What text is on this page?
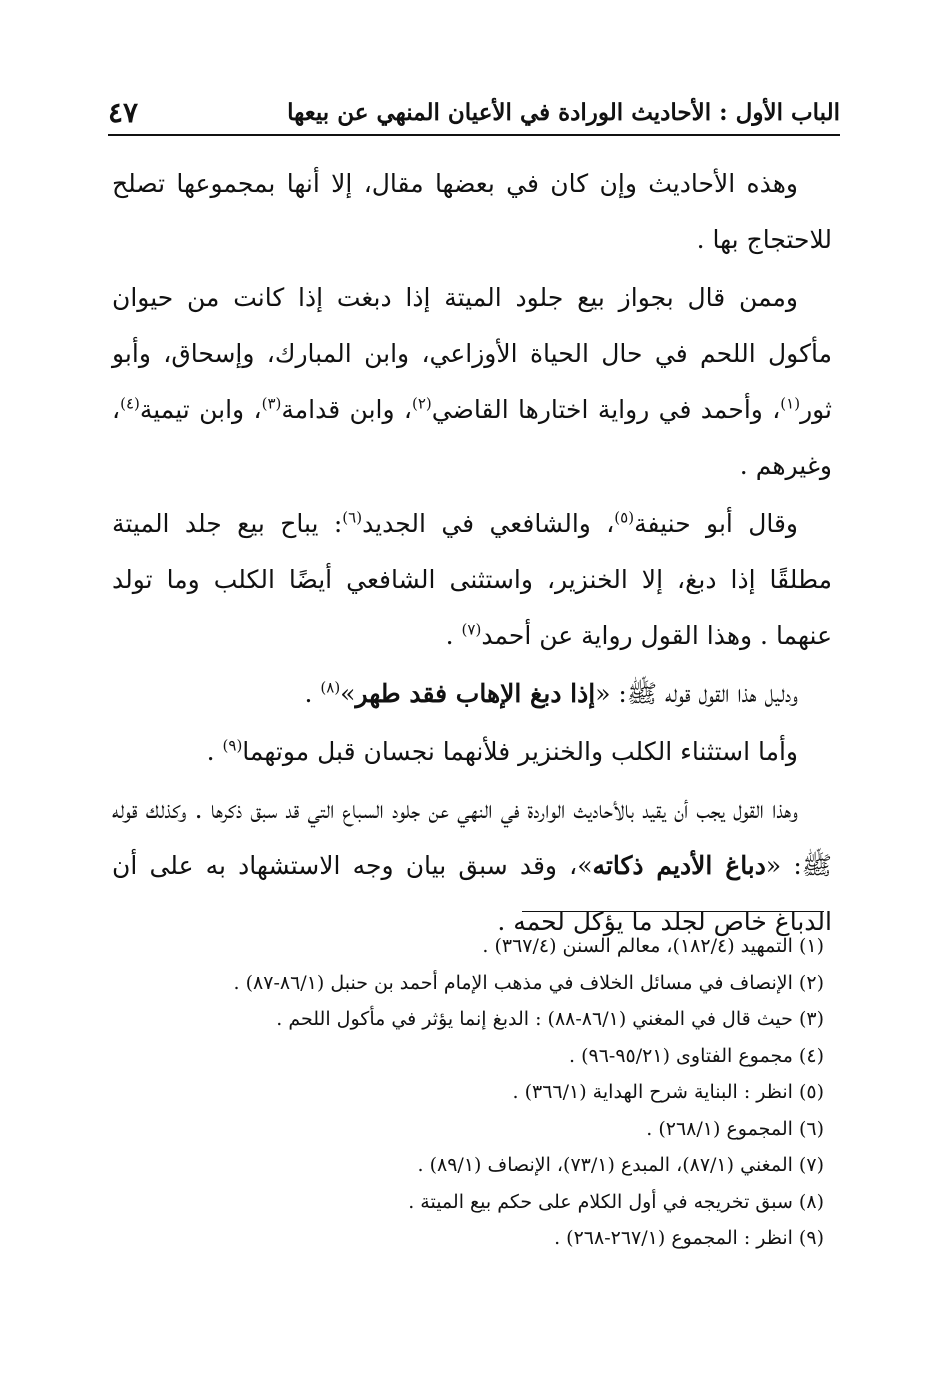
الباب الأول : الأحاديث الورادة في الأعيان المنهي عن بيعها
٤٧

وهذه الأحاديث وإن كان في بعضها مقال، إلا أنها بمجموعها تصلح للاحتجاج بها .

وممن قال بجواز بيع جلود الميتة إذا دبغت إذا كانت من حيوان مأكول اللحم في حال الحياة الأوزاعي، وابن المبارك، وإسحاق، وأبو ثور$^{(١)}$، وأحمد في رواية اختارها القاضي$^{(٢)}$، وابن قدامة$^{(٣)}$، وابن تيمية$^{(٤)}$، وغيرهم .

وقال أبو حنيفة$^{(٥)}$، والشافعي في الجديد$^{(٦)}$: يباح بيع جلد الميتة مطلقًا إذا دبغ، إلا الخنزير، واستثنى الشافعي أيضًا الكلب وما تولد عنهما . وهذا القول رواية عن أحمد$^{(٧)}$ .

ودليل هذا القول قوله ﷺ: «إذا دبغ الإهاب فقد طهر»$^{(٨)}$ .

وأما استثناء الكلب والخنزير فلأنهما نجسان قبل موتهما$^{(٩)}$ .

وهذا القول يجب أن يقيد بالأحاديث الواردة في النهي عن جلود السباع التي قد سبق ذكرها . وكذلك قوله ﷺ: «دباغ الأديم ذكاته»، وقد سبق بيان وجه الاستشهاد به على أن الدباغ خاص لجلد ما يؤكل لحمه .

(١) التمهيد (١٨٢/٤)، معالم السنن (٣٦٧/٤) .
(٢) الإنصاف في مسائل الخلاف في مذهب الإمام أحمد بن حنبل (٨٦/١-٨٧) .
(٣) حيث قال في المغني (٨٦/١-٨٨) : الدبغ إنما يؤثر في مأكول اللحم .
(٤) مجموع الفتاوى (٩٥/٢١-٩٦) .
(٥) انظر : البناية شرح الهداية (٣٦٦/١) .
(٦) المجموع (٢٦٨/١) .
(٧) المغني (٨٧/١)، المبدع (٧٣/١)، الإنصاف (٨٩/١) .
(٨) سبق تخريجه في أول الكلام على حكم بيع الميتة .
(٩) انظر : المجموع (٢٦٧/١-٢٦٨) .
